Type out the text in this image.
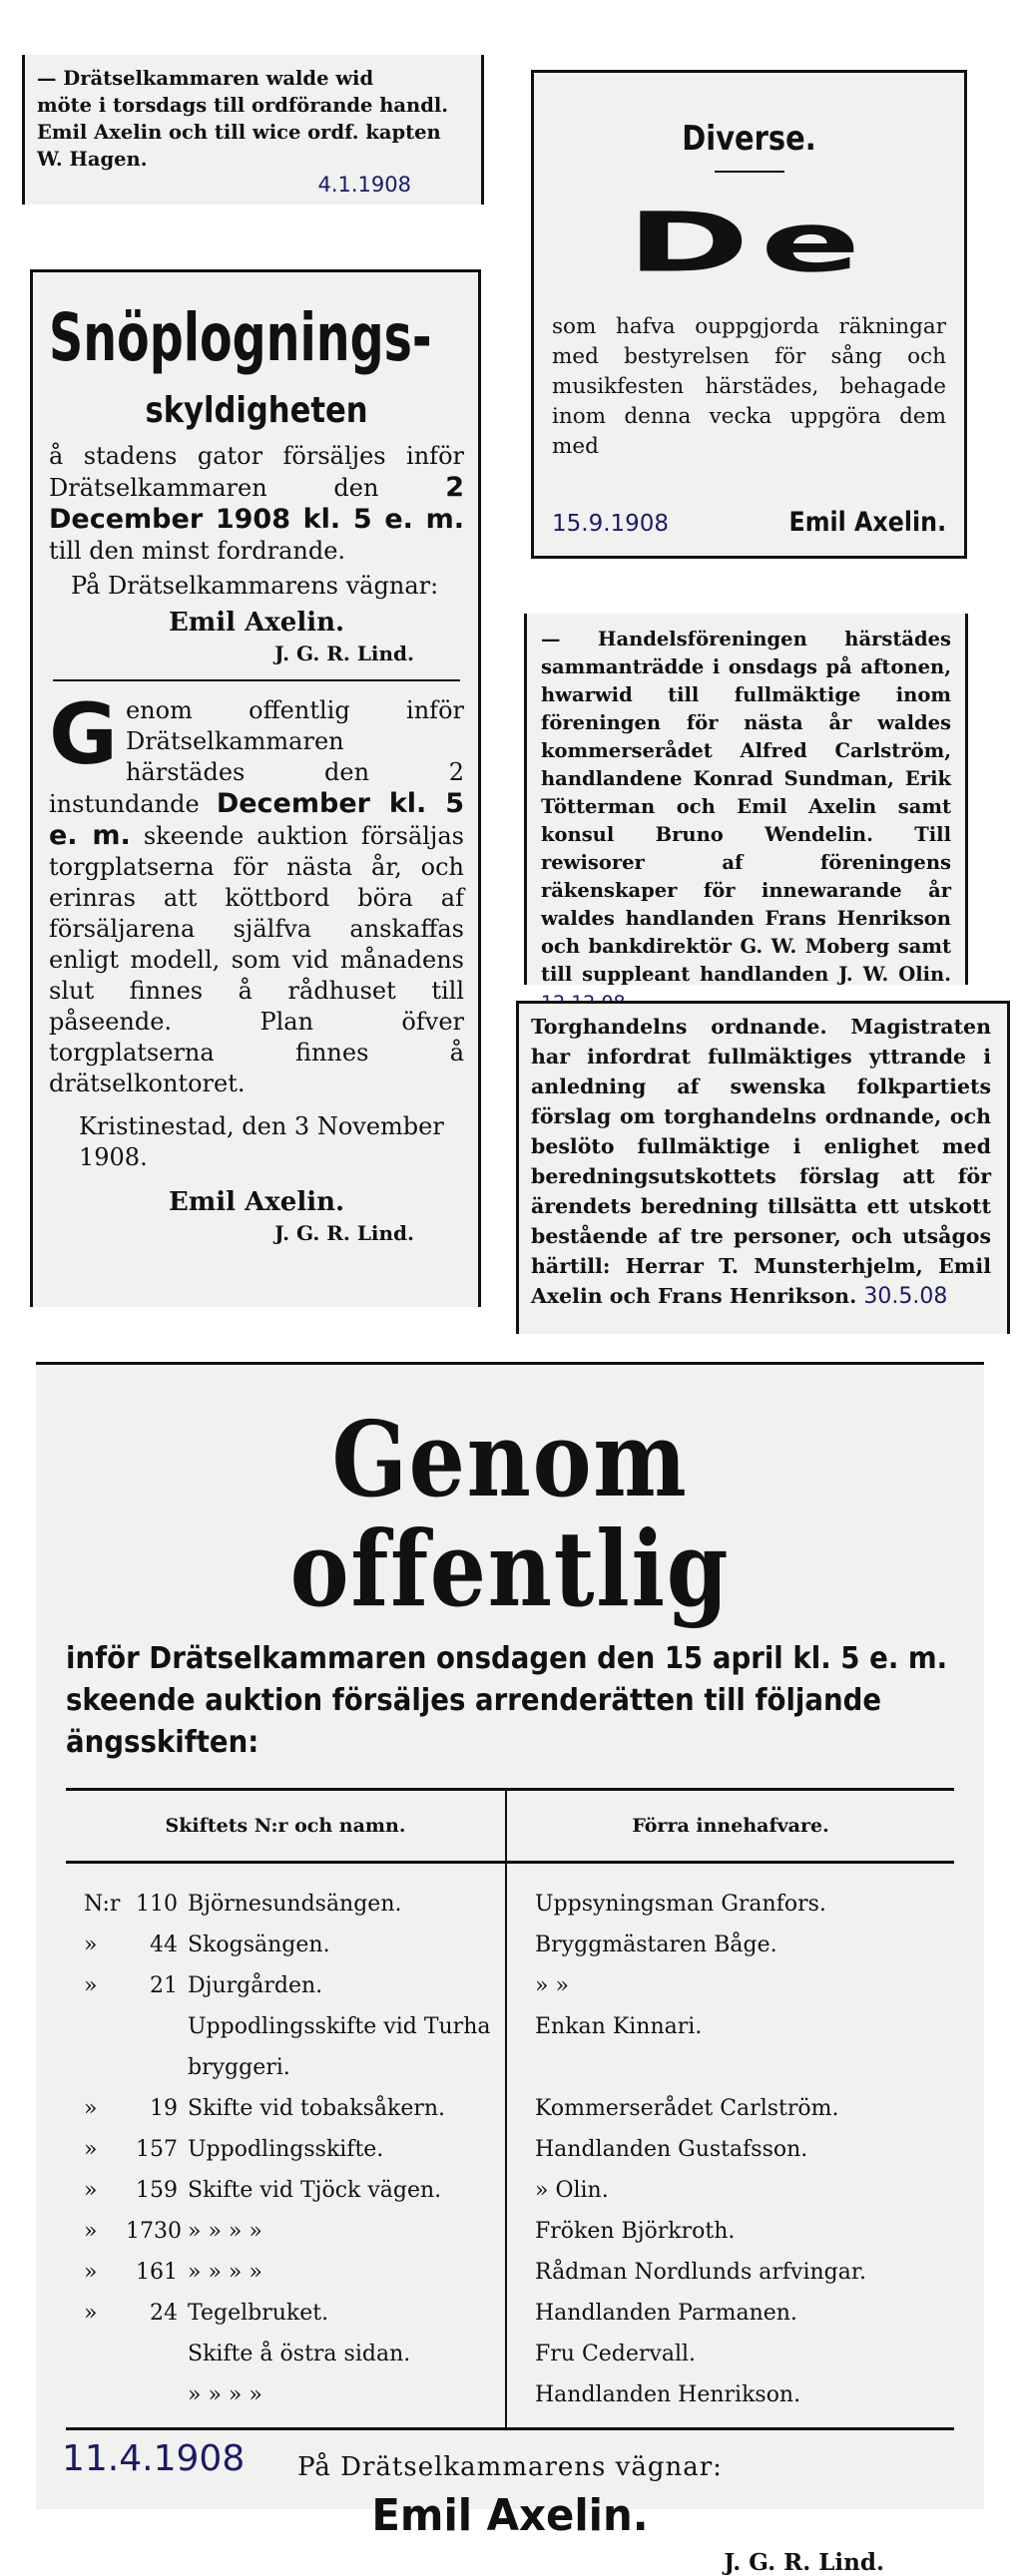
— Drätselkammaren walde wid

möte i torsdags till ordförande handl.

Emil Axelin och till wice ordf. kapten

W. Hagen.

4.1.1908
Diverse.
De

som hafva ouppgjorda räkningar med bestyrelsen för sång och musikfesten härstädes, behagade inom denna vecka uppgöra dem med

15.9.1908	Emil Axelin.
Snöplognings-
skyldigheten

å stadens gator försäljes inför Drätselkammaren den 2 December 1908 kl. 5 e. m. till den minst fordrande.

På Drätselkammarens vägnar:

Emil Axelin.
J. G. R. Lind.

Genom offentlig inför Drätselkammaren härstädes den 2 instundande December kl. 5 e. m. skeende auktion försäljas torgplatserna för nästa år, och erinras att köttbord böra af försäljarena själfva anskaffas enligt modell, som vid månadens slut finnes å rådhuset till påseende. Plan öfver torgplatserna finnes å drätselkontoret.

Kristinestad, den 3 November 1908.

Emil Axelin.
J. G. R. Lind.

— Handelsföreningen härstädes sammanträdde i onsdags på aftonen, hwarwid till fullmäktige inom föreningen för nästa år waldes kommerserådet Alfred Carlström, handlandene Konrad Sundman, Erik Tötterman och Emil Axelin samt konsul Bruno Wendelin. Till rewisorer af föreningens räkenskaper för innewarande år waldes handlanden Frans Henrikson och bankdirektör G. W. Moberg samt till suppleant handlanden J. W. Olin.

Torghandelns ordnande. Magistraten har infordrat fullmäktiges yttrande i anledning af swenska folkpartiets förslag om torghandelns ordnande, och beslöto fullmäktige i enlighet med beredningsutskottets förslag att för ärendets beredning tillsätta ett utskott bestående af tre personer, och utsågos härtill: Herrar T. Munsterhjelm, Emil Axelin och Frans Henrikson. 30.5.08

Genom offentlig

inför Drätselkammaren onsdagen den 15 april kl. 5 e. m. skeende auktion försäljes arrenderätten till följande ängsskiften:

Skiftets N:r och namn.	Förra innehafvare.
N:r 110 Björnesundsängen.	Uppsyningsman Granfors.
»	44 Skogsängen.	Bryggmästaren Båge.
»	21 Djurgården.	» »
Uppodlingsskifte vid Turha	Enkan Kinnari.
bryggeri.
»	19 Skifte vid tobaksåkern.	Kommerserådet Carlström.
»	157 Uppodlingsskifte.	Handlanden Gustafsson.
»	159 Skifte vid Tjöck vägen.	» Olin.
»	1730 » » » »	Fröken Björkroth.
»	161 » » » »	Rådman Nordlunds arfvingar.
»	24 Tegelbruket.	Handlanden Parmanen.
Skifte å östra sidan.	Fru Cedervall.
» » » »	Handlanden Henrikson.
På Drätselkammarens vägnar:
Emil Axelin.
J. G. R. Lind.
11.4.1908
